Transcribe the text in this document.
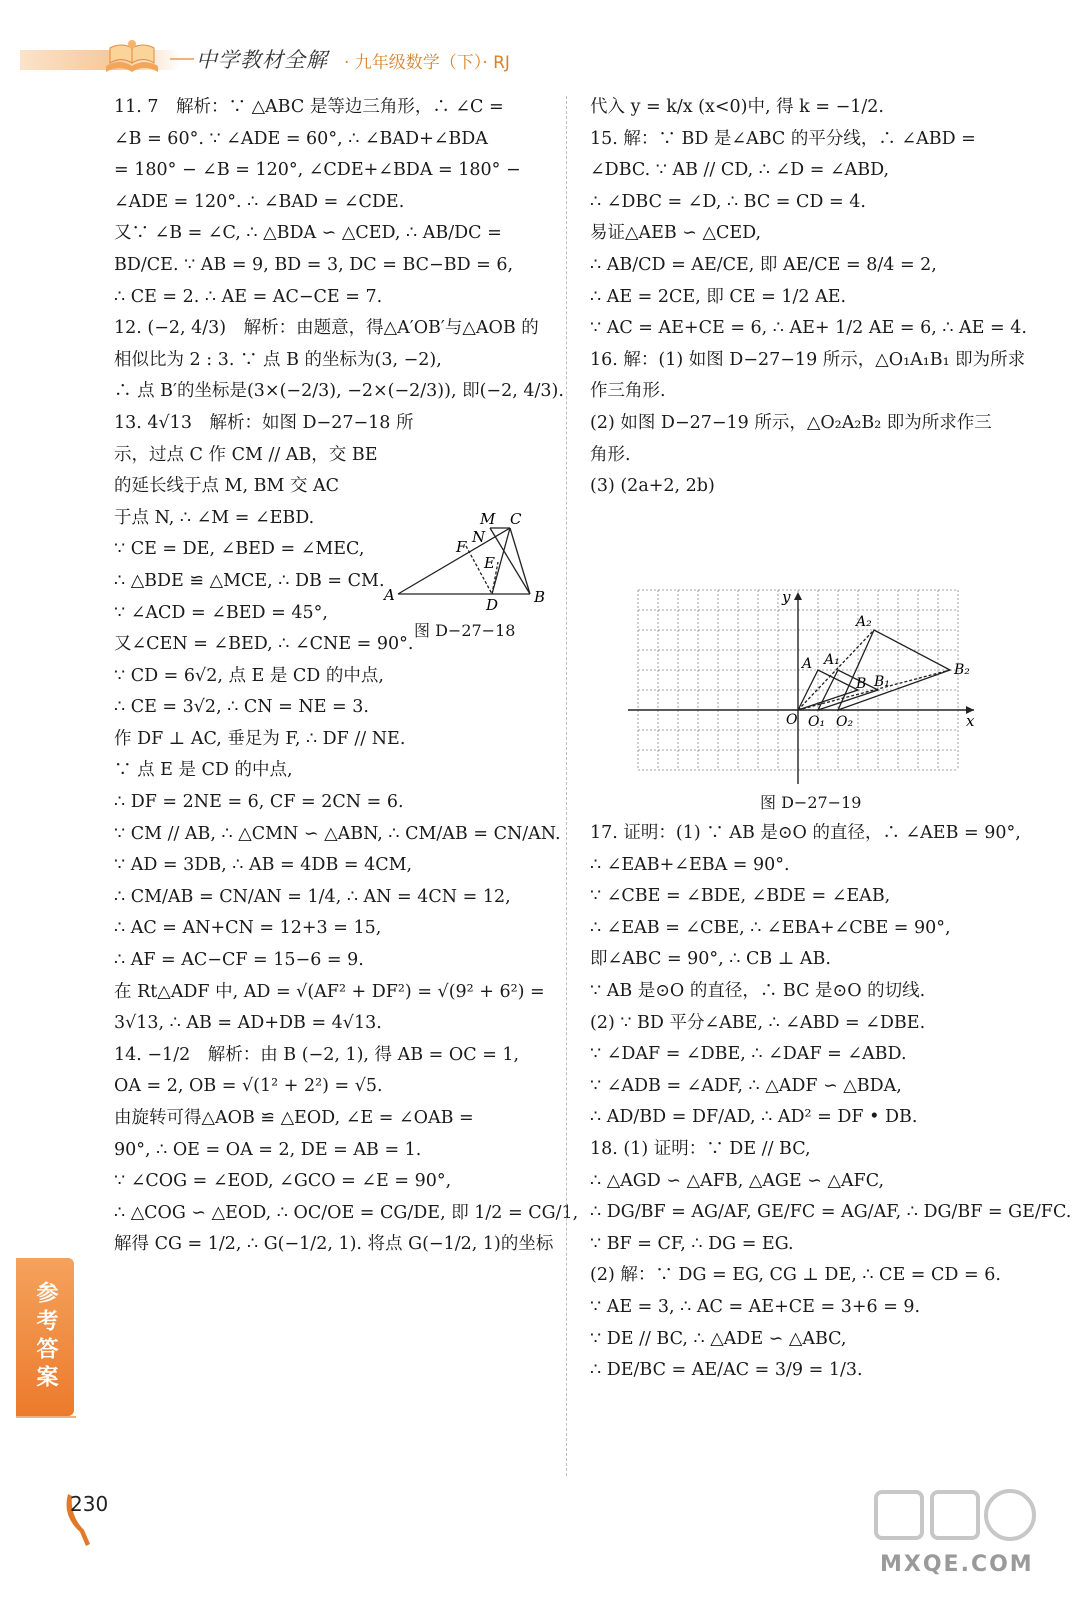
中学教材全解 · 九年级数学（下）· RJ
11. 7　解析：∵ △ABC 是等边三角形，∴ ∠C =
∠B = 60°. ∵ ∠ADE = 60°, ∴ ∠BAD+∠BDA
= 180° − ∠B = 120°, ∠CDE+∠BDA = 180° −
∠ADE = 120°. ∴ ∠BAD = ∠CDE.
又∵ ∠B = ∠C, ∴ △BDA ∽ △CED, ∴ AB/DC =
BD/CE. ∵ AB = 9, BD = 3, DC = BC−BD = 6,
∴ CE = 2. ∴ AE = AC−CE = 7.
12. (−2, 4/3)　解析：由题意，得△A′OB′与△AOB 的
相似比为 2 : 3. ∵ 点 B 的坐标为(3, −2),
∴ 点 B′的坐标是(3×(−2/3), −2×(−2/3)), 即(−2, 4/3).
13. 4√13　解析：如图 D−27−18 所
示，过点 C 作 CM // AB，交 BE
的延长线于点 M, BM 交 AC
于点 N, ∴ ∠M = ∠EBD.
∵ CE = DE, ∠BED = ∠MEC,
∴ △BDE ≌ △MCE, ∴ DB = CM.
∵ ∠ACD = ∠BED = 45°,
又∠CEN = ∠BED, ∴ ∠CNE = 90°.
∵ CD = 6√2, 点 E 是 CD 的中点,
∴ CE = 3√2, ∴ CN = NE = 3.
作 DF ⊥ AC, 垂足为 F, ∴ DF // NE.
∵ 点 E 是 CD 的中点,
∴ DF = 2NE = 6, CF = 2CN = 6.
∵ CM // AB, ∴ △CMN ∽ △ABN, ∴ CM/AB = CN/AN.
∵ AD = 3DB, ∴ AB = 4DB = 4CM,
∴ CM/AB = CN/AN = 1/4, ∴ AN = 4CN = 12,
∴ AC = AN+CN = 12+3 = 15,
∴ AF = AC−CF = 15−6 = 9.
在 Rt△ADF 中, AD = √(AF² + DF²) = √(9² + 6²) =
3√13, ∴ AB = AD+DB = 4√13.
14. −1/2　解析：由 B (−2, 1), 得 AB = OC = 1,
OA = 2, OB = √(1² + 2²) = √5.
由旋转可得△AOB ≌ △EOD, ∠E = ∠OAB =
90°, ∴ OE = OA = 2, DE = AB = 1.
∵ ∠COG = ∠EOD, ∠GCO = ∠E = 90°,
∴ △COG ∽ △EOD, ∴ OC/OE = CG/DE, 即 1/2 = CG/1,
解得 CG = 1/2, ∴ G(−1/2, 1). 将点 G(−1/2, 1)的坐标
A	B
C
D
E
F
M
N
图 D−27−18
代入 y = k/x (x<0)中, 得 k = −1/2.
15. 解：∵ BD 是∠ABC 的平分线，∴ ∠ABD =
∠DBC. ∵ AB // CD, ∴ ∠D = ∠ABD,
∴ ∠DBC = ∠D, ∴ BC = CD = 4.
易证△AEB ∽ △CED,
∴ AB/CD = AE/CE, 即 AE/CE = 8/4 = 2,
∴ AE = 2CE, 即 CE = 1/2 AE.
∵ AC = AE+CE = 6, ∴ AE+ 1/2 AE = 6, ∴ AE = 4.
16. 解：(1) 如图 D−27−19 所示，△O₁A₁B₁ 即为所求
作三角形.
(2) 如图 D−27−19 所示，△O₂A₂B₂ 即为所求作三
角形.
(3) (2a+2, 2b)
x
y
O O₁ O₂
A A₁
A₂
B B₁
B₂
图 D−27−19
17. 证明：(1) ∵ AB 是⊙O 的直径，∴ ∠AEB = 90°,
∴ ∠EAB+∠EBA = 90°.
∵ ∠CBE = ∠BDE, ∠BDE = ∠EAB,
∴ ∠EAB = ∠CBE, ∴ ∠EBA+∠CBE = 90°,
即∠ABC = 90°, ∴ CB ⊥ AB.
∵ AB 是⊙O 的直径，∴ BC 是⊙O 的切线.
(2) ∵ BD 平分∠ABE, ∴ ∠ABD = ∠DBE.
∵ ∠DAF = ∠DBE, ∴ ∠DAF = ∠ABD.
∵ ∠ADB = ∠ADF, ∴ △ADF ∽ △BDA,
∴ AD/BD = DF/AD, ∴ AD² = DF • DB.
18. (1) 证明：∵ DE // BC,
∴ △AGD ∽ △AFB, △AGE ∽ △AFC,
∴ DG/BF = AG/AF, GE/FC = AG/AF, ∴ DG/BF = GE/FC.
∵ BF = CF, ∴ DG = EG.
(2) 解：∵ DG = EG, CG ⊥ DE, ∴ CE = CD = 6.
∵ AE = 3, ∴ AC = AE+CE = 3+6 = 9.
∵ DE // BC, ∴ △ADE ∽ △ABC,
∴ DE/BC = AE/AC = 3/9 = 1/3.
参考答案
230
MXQE.COM
